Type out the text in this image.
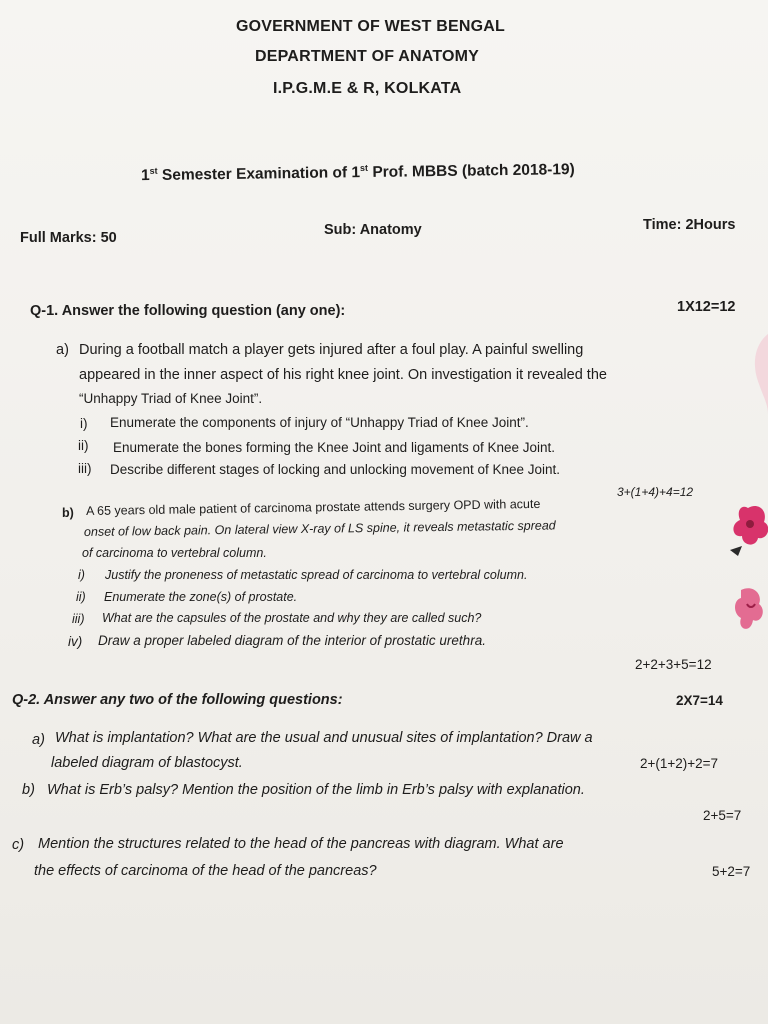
GOVERNMENT OF WEST BENGAL
DEPARTMENT OF ANATOMY
I.P.G.M.E & R, KOLKATA
1st Semester Examination of 1st Prof. MBBS (batch 2018-19)
Full Marks: 50	Sub: Anatomy	Time: 2Hours
Q-1. Answer the following question (any one):	1X12=12
a) During a football match a player gets injured after a foul play. A painful swelling
appeared in the inner aspect of his right knee joint. On investigation it revealed the
“Unhappy Triad of Knee Joint”.
i) Enumerate the components of injury of “Unhappy Triad of Knee Joint”.
ii) Enumerate the bones forming the Knee Joint and ligaments of Knee Joint.
iii) Describe different stages of locking and unlocking movement of Knee Joint.
3+(1+4)+4=12
b) A 65 years old male patient of carcinoma prostate attends surgery OPD with acute
onset of low back pain. On lateral view X-ray of LS spine, it reveals metastatic spread
of carcinoma to vertebral column.
i) Justify the proneness of metastatic spread of carcinoma to vertebral column.
ii) Enumerate the zone(s) of prostate.
iii) What are the capsules of the prostate and why they are called such?
iv) Draw a proper labeled diagram of the interior of prostatic urethra.
2+2+3+5=12
Q-2. Answer any two of the following questions:	2X7=14
a) What is implantation? What are the usual and unusual sites of implantation? Draw a
labeled diagram of blastocyst.	2+(1+2)+2=7
b) What is Erb’s palsy? Mention the position of the limb in Erb’s palsy with explanation.
2+5=7
c) Mention the structures related to the head of the pancreas with diagram. What are
the effects of carcinoma of the head of the pancreas?	5+2=7
